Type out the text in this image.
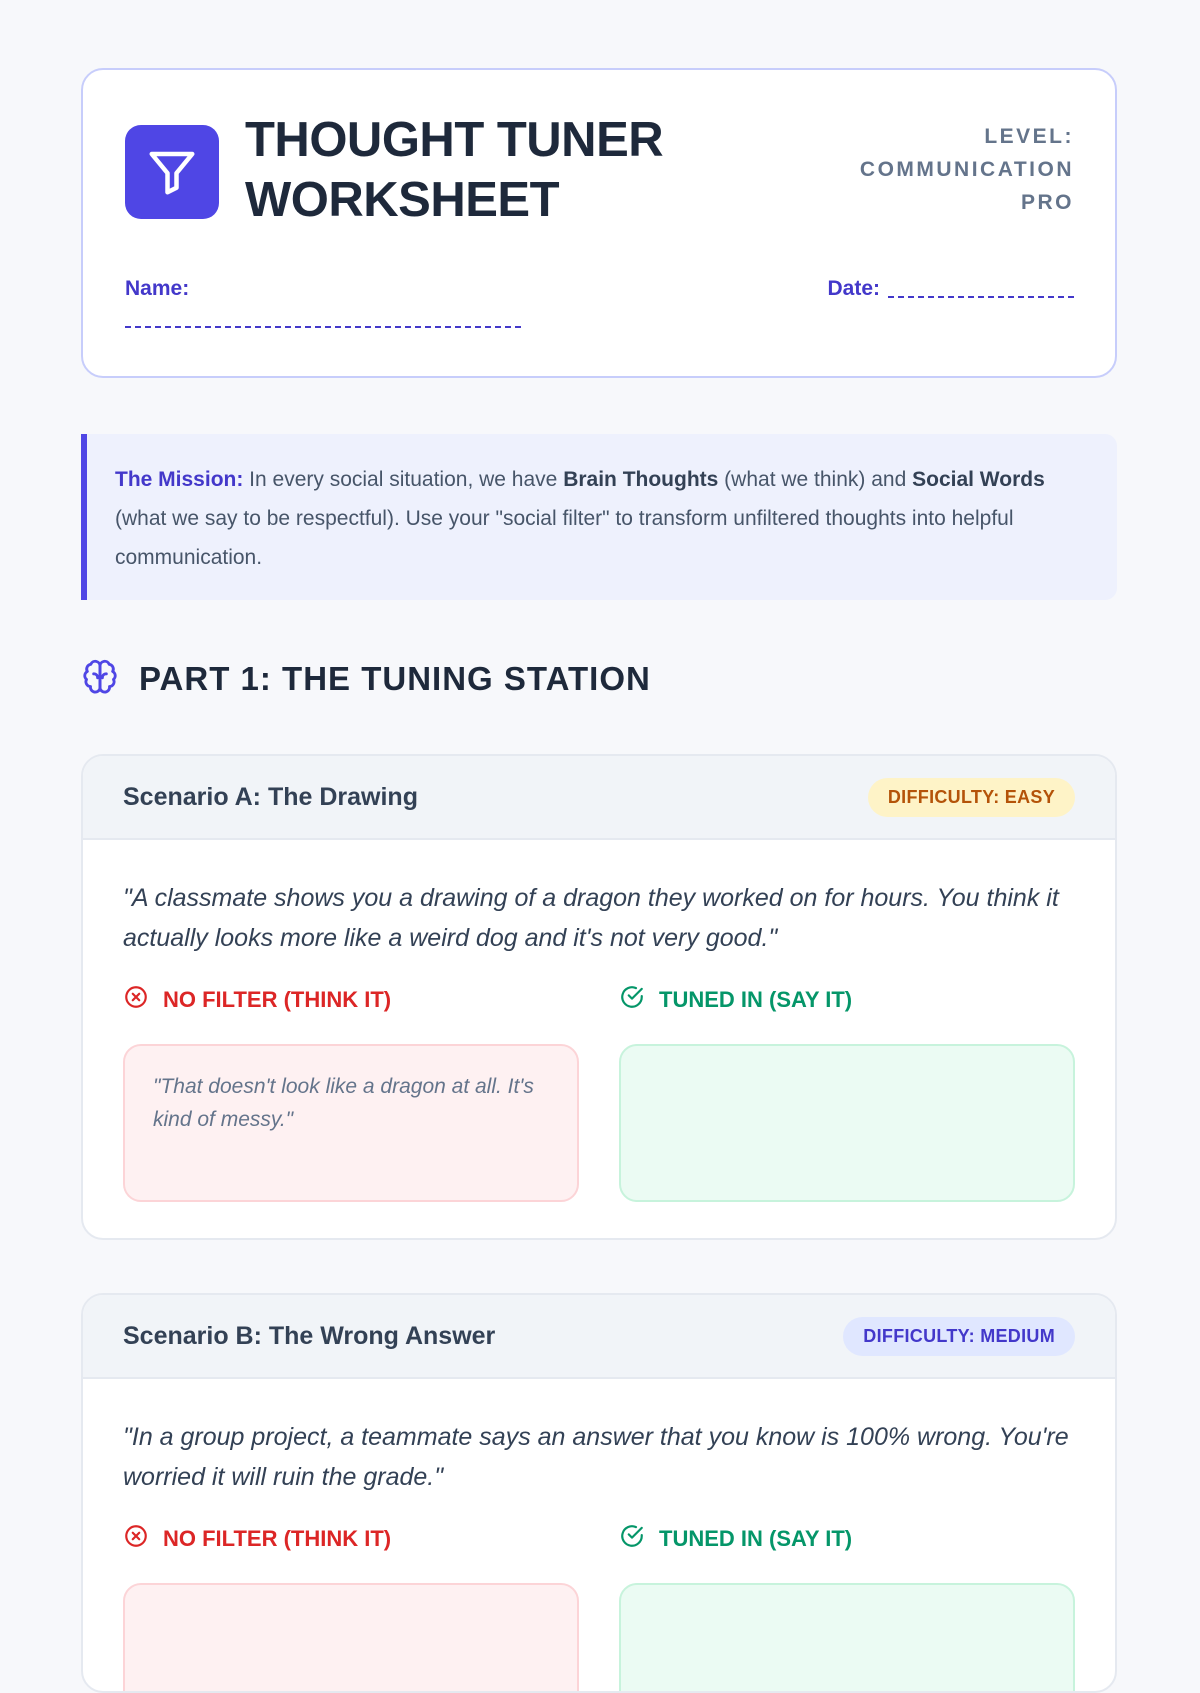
THOUGHT TUNER
WORKSHEET
LEVEL:
COMMUNICATION
PRO
Name:	Date:
The Mission: In every social situation, we have Brain Thoughts (what we think) and Social Words (what we say to be respectful). Use your "social filter" to transform unfiltered thoughts into helpful communication.
PART 1: THE TUNING STATION
Scenario A: The Drawing	DIFFICULTY: EASY

"A classmate shows you a drawing of a dragon they worked on for hours. You think it actually looks more like a weird dog and it's not very good."

NO FILTER (THINK IT)
"That doesn't look like a dragon at all. It's kind of messy."
TUNED IN (SAY IT)
Scenario B: The Wrong Answer	DIFFICULTY: MEDIUM

"In a group project, a teammate says an answer that you know is 100% wrong. You're worried it will ruin the grade."

NO FILTER (THINK IT)	TUNED IN (SAY IT)
